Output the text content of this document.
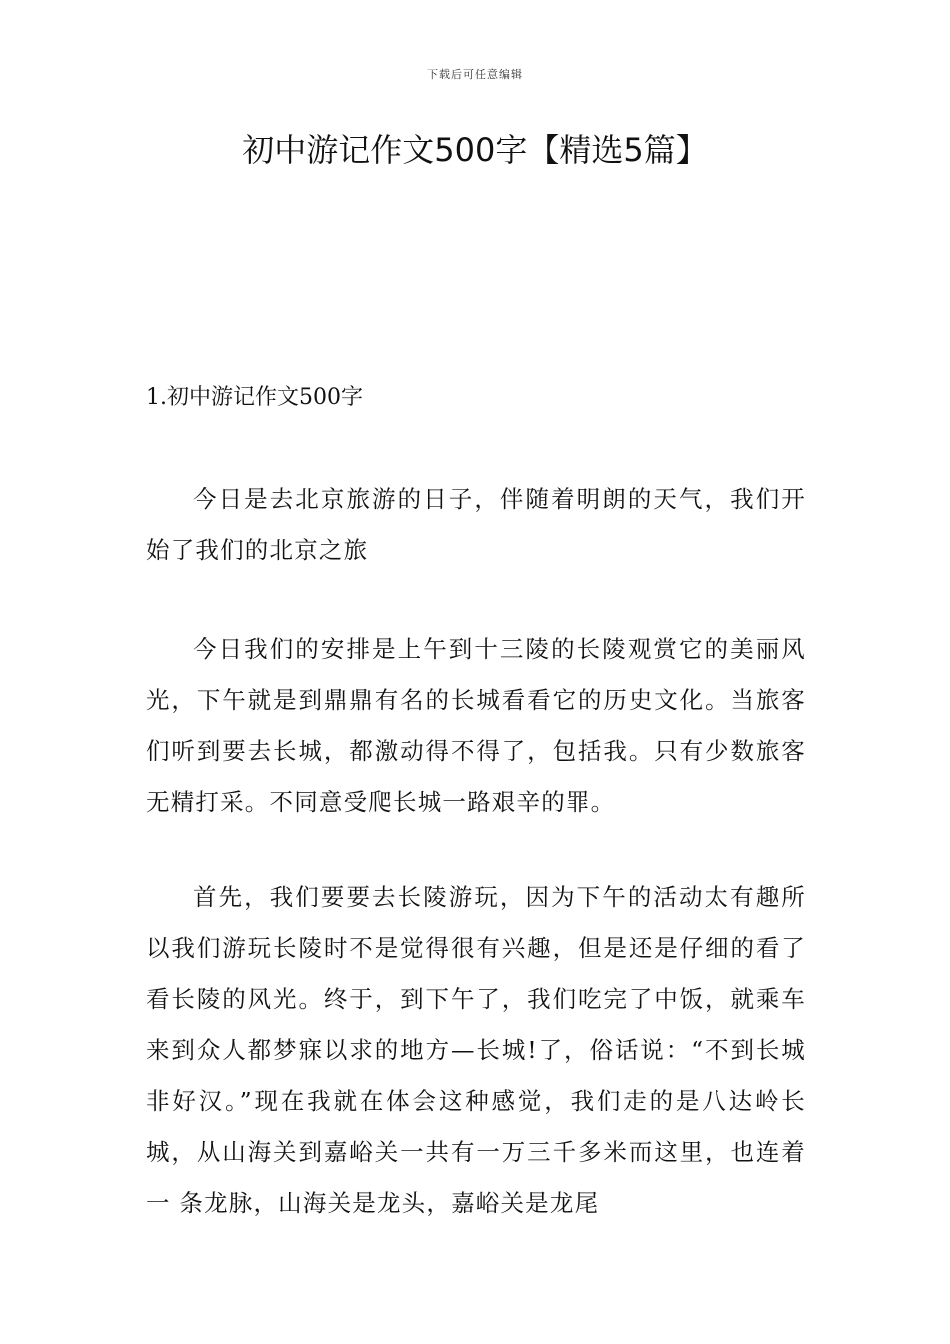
下载后可任意编辑
初中游记作文500字【精选5篇】
1.初中游记作文500字

今日是去北京旅游的日子，伴随着明朗的天气，我们开始了我们的北京之旅

今日我们的安排是上午到十三陵的长陵观赏它的美丽风光，下午就是到鼎鼎有名的长城看看它的历史文化。当旅客们听到要去长城，都激动得不得了，包括我。只有少数旅客无精打采。不同意受爬长城一路艰辛的罪。

首先，我们要要去长陵游玩，因为下午的活动太有趣所以我们游玩长陵时不是觉得很有兴趣，但是还是仔细的看了看长陵的风光。终于，到下午了，我们吃完了中饭，就乘车来到众人都梦寐以求的地方—长城!了，俗话说：“不到长城非好汉。”现在我就在体会这种感觉，我们走的是八达岭长城，从山海关到嘉峪关一共有一万三千多米而这里，也连着一 条龙脉，山海关是龙头，嘉峪关是龙尾
